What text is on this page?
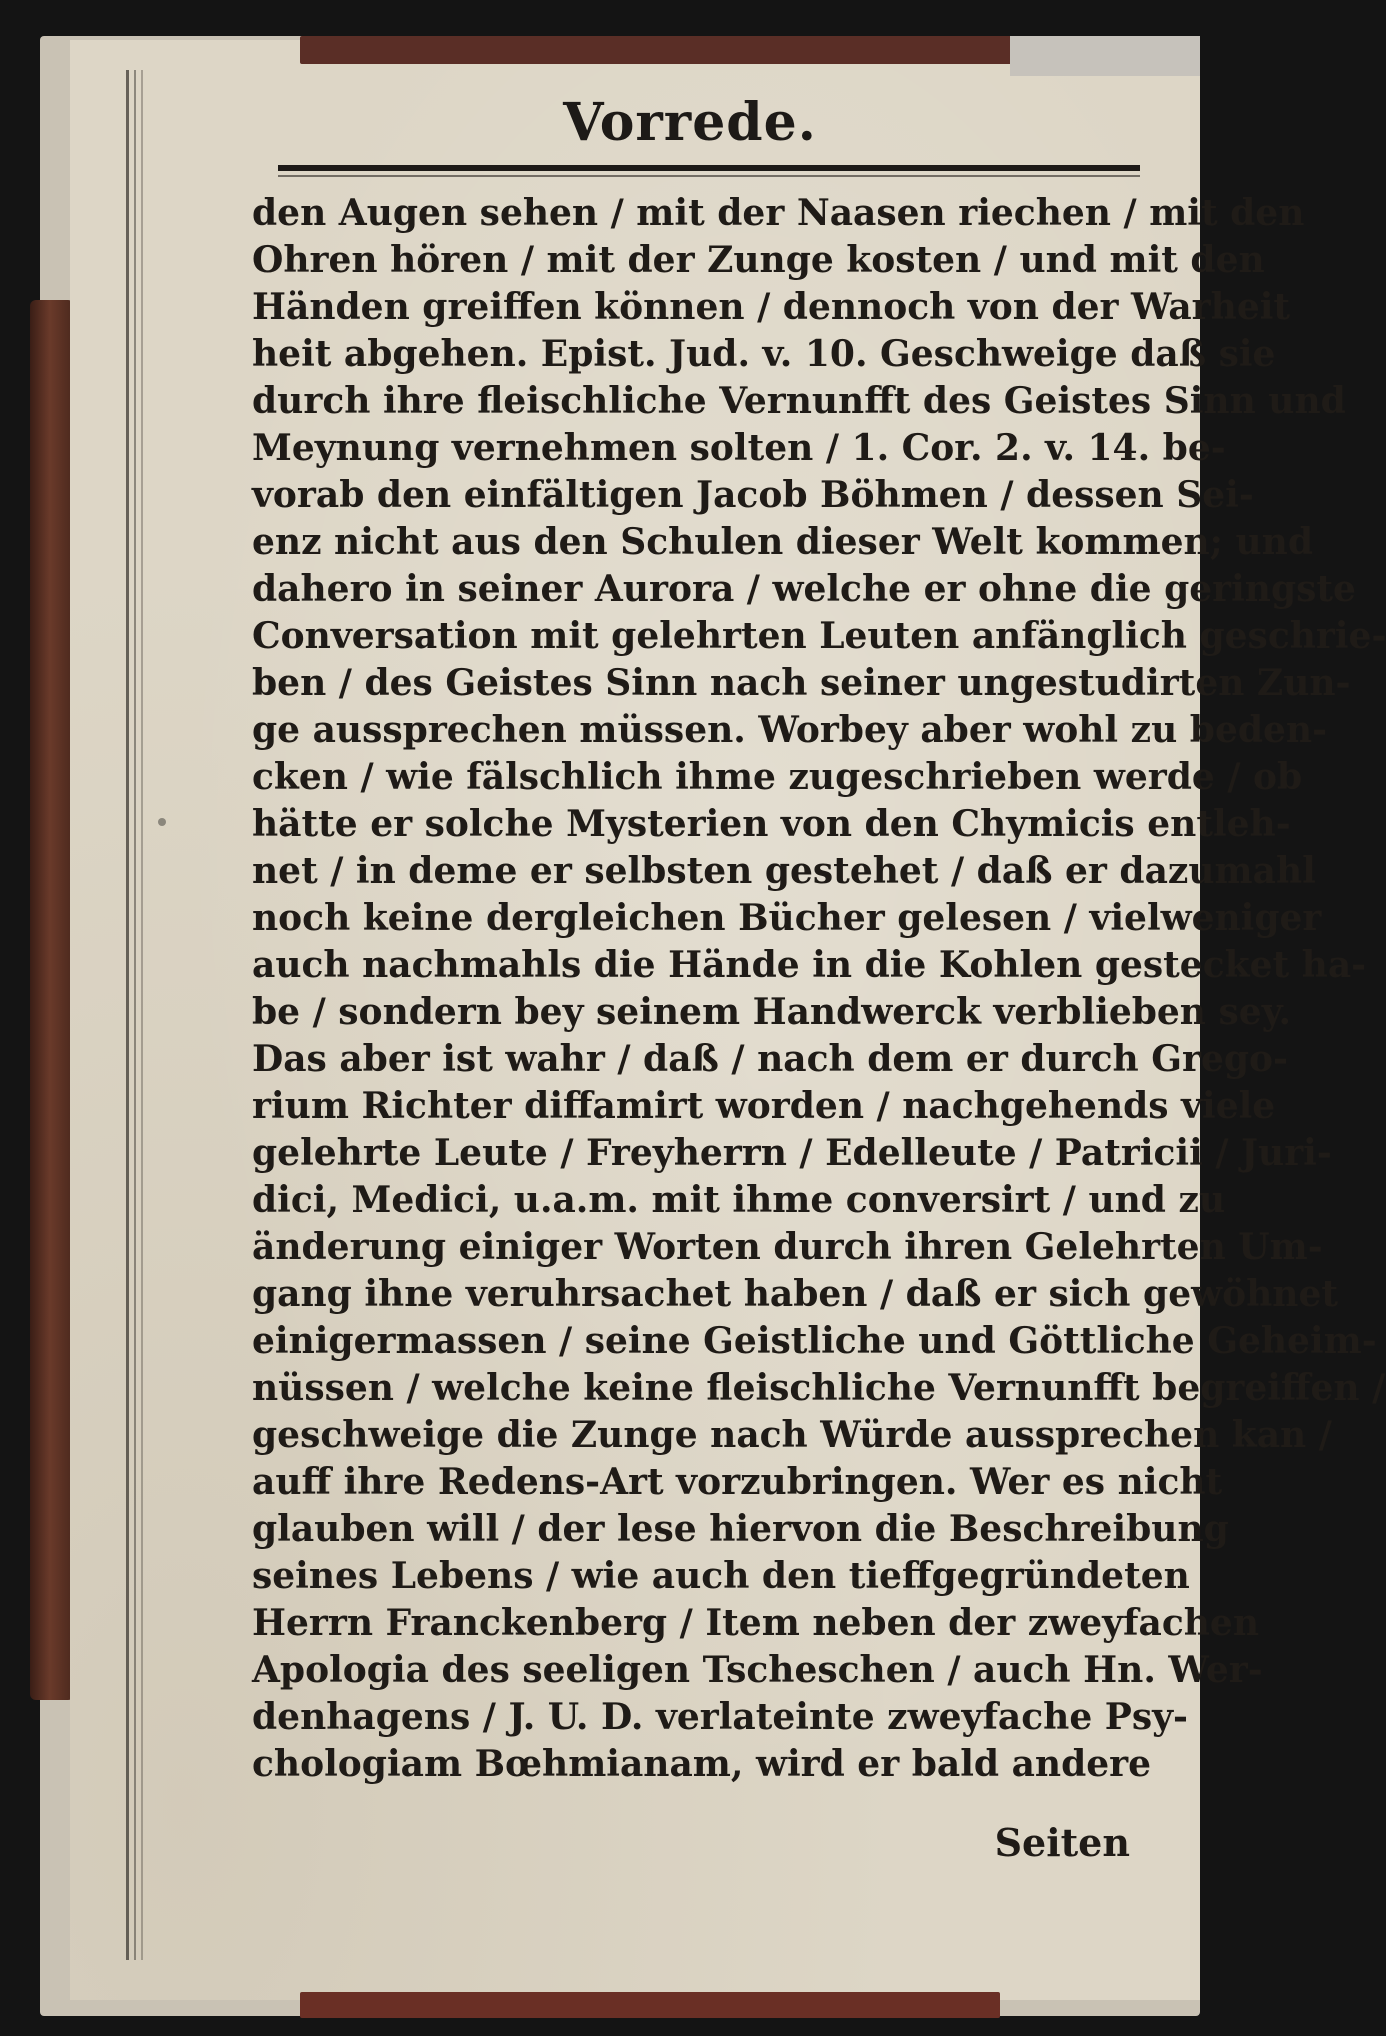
Vorrede.
den Augen sehen / mit der Naasen riechen / mit den
Ohren hören / mit der Zunge kosten / und mit den
Händen greiffen können / dennoch von der Warheit
heit abgehen. Epist. Jud. v. 10. Geschweige daß sie
durch ihre fleischliche Vernunfft des Geistes Sinn und
Meynung vernehmen solten / 1. Cor. 2. v. 14. be-
vorab den einfältigen Jacob Böhmen / dessen Sei-
enz nicht aus den Schulen dieser Welt kommen; und
dahero in seiner Aurora / welche er ohne die geringste
Conversation mit gelehrten Leuten anfänglich geschrie-
ben / des Geistes Sinn nach seiner ungestudirten Zun-
ge aussprechen müssen. Worbey aber wohl zu beden-
cken / wie fälschlich ihme zugeschrieben werde / ob
hätte er solche Mysterien von den Chymicis entleh-
net / in deme er selbsten gestehet / daß er dazumahl
noch keine dergleichen Bücher gelesen / vielweniger
auch nachmahls die Hände in die Kohlen gestecket ha-
be / sondern bey seinem Handwerck verblieben sey.
Das aber ist wahr / daß / nach dem er durch Grego-
rium Richter diffamirt worden / nachgehends viele
gelehrte Leute / Freyherrn / Edelleute / Patricii / Juri-
dici, Medici, u.a.m. mit ihme conversirt / und zu
änderung einiger Worten durch ihren Gelehrten Um-
gang ihne veruhrsachet haben / daß er sich gewöhnet
einigermassen / seine Geistliche und Göttliche Geheim-
nüssen / welche keine fleischliche Vernunfft begreiffen /
geschweige die Zunge nach Würde aussprechen kan /
auff ihre Redens-Art vorzubringen. Wer es nicht
glauben will / der lese hiervon die Beschreibung
seines Lebens / wie auch den tieffgegründeten
Herrn Franckenberg / Item neben der zweyfachen
Apologia des seeligen Tscheschen / auch Hn. Wer-
denhagens / J. U. D. verlateinte zweyfache Psy-
chologiam Bœhmianam, wird er bald andere
Seiten
